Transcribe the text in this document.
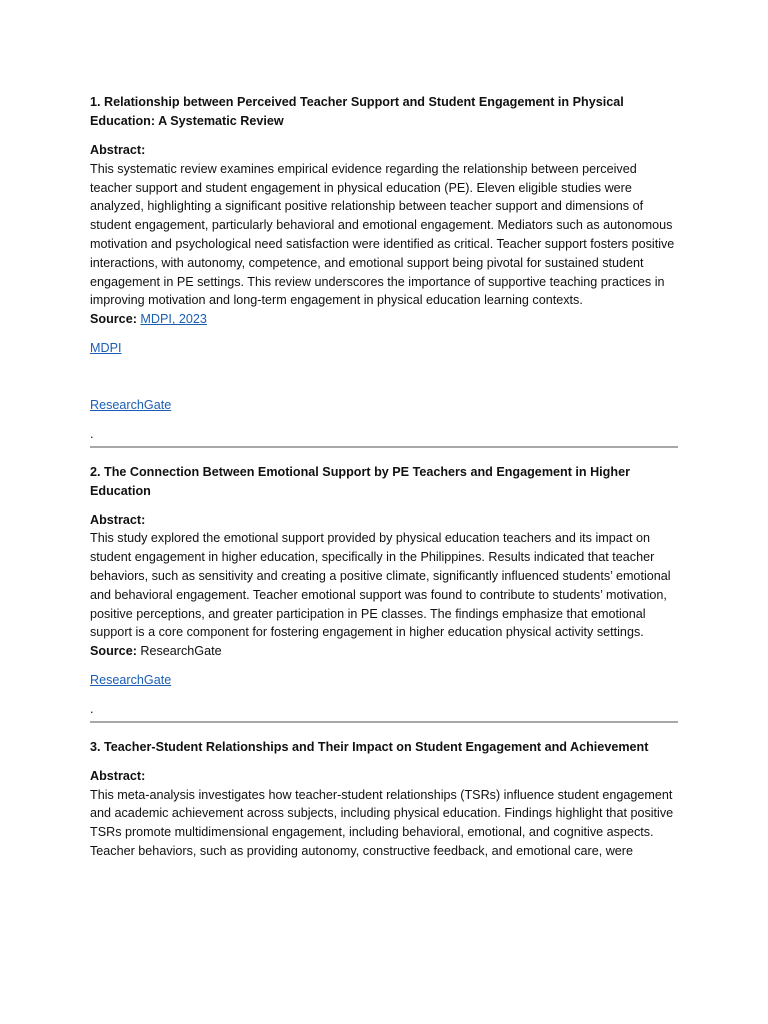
1. Relationship between Perceived Teacher Support and Student Engagement in Physical Education: A Systematic Review

Abstract:

This systematic review examines empirical evidence regarding the relationship between perceived teacher support and student engagement in physical education (PE). Eleven eligible studies were analyzed, highlighting a significant positive relationship between teacher support and dimensions of student engagement, particularly behavioral and emotional engagement. Mediators such as autonomous motivation and psychological need satisfaction were identified as critical. Teacher support fosters positive interactions, with autonomy, competence, and emotional support being pivotal for sustained student engagement in PE settings. This review underscores the importance of supportive teaching practices in improving motivation and long-term engagement in physical education learning contexts.

Source: MDPI, 2023

MDPI

ResearchGate

.

2. The Connection Between Emotional Support by PE Teachers and Engagement in Higher Education

Abstract:

This study explored the emotional support provided by physical education teachers and its impact on student engagement in higher education, specifically in the Philippines. Results indicated that teacher behaviors, such as sensitivity and creating a positive climate, significantly influenced students’ emotional and behavioral engagement. Teacher emotional support was found to contribute to students’ motivation, positive perceptions, and greater participation in PE classes. The findings emphasize that emotional support is a core component for fostering engagement in higher education physical activity settings.

Source: ResearchGate

ResearchGate

.

3. Teacher-Student Relationships and Their Impact on Student Engagement and Achievement

Abstract:

This meta-analysis investigates how teacher-student relationships (TSRs) influence student engagement and academic achievement across subjects, including physical education. Findings highlight that positive TSRs promote multidimensional engagement, including behavioral, emotional, and cognitive aspects. Teacher behaviors, such as providing autonomy, constructive feedback, and emotional care, were
